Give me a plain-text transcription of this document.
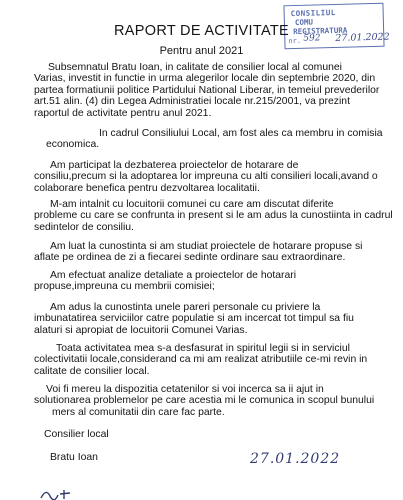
CONSILIUL
COMU
REGISTRATURA
nr. 592 27.01.2022
RAPORT DE ACTIVITATE
Pentru anul 2021
Subsemnatul Bratu Ioan, in calitate de consilier local al comunei
Varias, investit in functie in urma alegerilor locale din septembrie 2020, din
partea formatiunii politice Partidului National Liberar, in temeiul prevederilor
art.51 alin. (4) din Legea Administratiei locale nr.215/2001, va prezint
raportul de activitate pentru anul 2021.
In cadrul Consiliului Local, am fost ales ca membru in comisia
economica.
Am participat la dezbaterea proiectelor de hotarare de
consiliu,precum si la adoptarea lor impreuna cu alti consilieri locali,avand o
colaborare benefica pentru dezvoltarea localitatii.
M-am intalnit cu locuitorii comunei cu care am discutat diferite
probleme cu care se confrunta in present si le am adus la cunostiinta in cadrul
sedintelor de consiliu.
Am luat la cunostinta si am studiat proiectele de hotarare propuse si
aflate pe ordinea de zi a fiecarei sedinte ordinare sau extraordinare.
Am efectuat analize detaliate a proiectelor de hotarari
propuse,impreuna cu membrii comisiei;
Am adus la cunostinta unele pareri personale cu priviere la
imbunatatirea serviciilor catre populatie si am incercat tot timpul sa fiu
alaturi si apropiat de locuitorii Comunei Varias.
Toata activitatea mea s-a desfasurat in spiritul legii si in serviciul
colectivitatii locale,considerand ca mi am realizat atributiile ce-mi revin in
calitate de consilier local.
Voi fi mereu la dispozitia cetatenilor si voi incerca sa ii ajut in
solutionarea problemelor pe care acestia mi le comunica in scopul bunului
mers al comunitatii din care fac parte.
Consilier local
Bratu Ioan	27.01.2022
